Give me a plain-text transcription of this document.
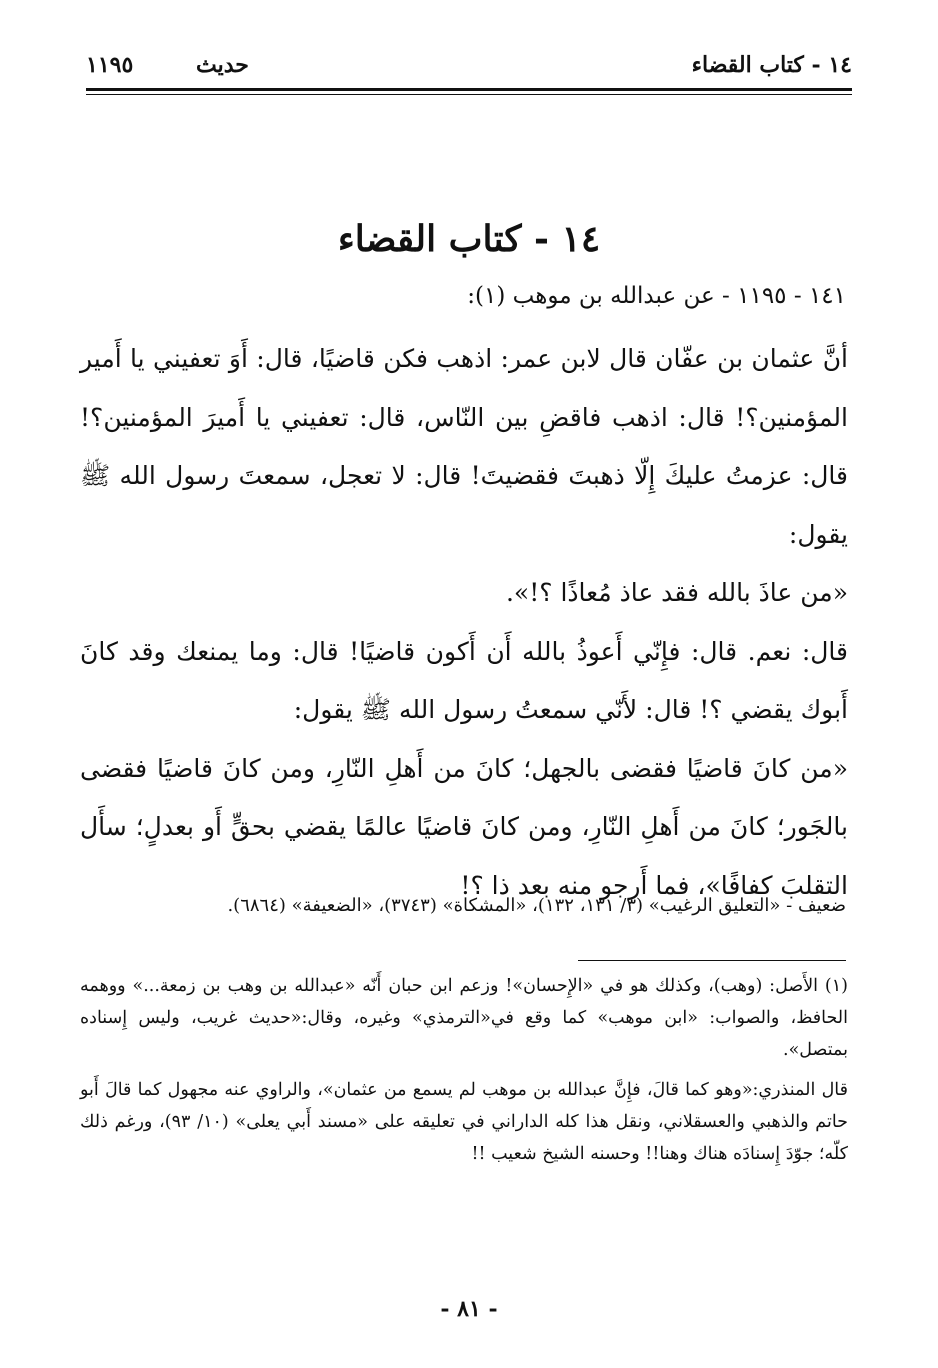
١٤ - كتاب القضاء
١١٩٥	حديث
١٤ - كتاب القضاء
١٤١ - ١١٩٥ - عن عبدالله بن موهب (١):

أنَّ عثمان بن عفّان قال لابن عمر: اذهب فكن قاضيًا، قال: أَوَ تعفيني يا أَمير المؤمنين؟! قال: اذهب فاقضِ بين النّاس، قال: تعفيني يا أَميرَ المؤمنين؟! قال: عزمتُ عليكَ إِلّا ذهبتَ فقضيتَ! قال: لا تعجل، سمعتَ رسول الله ﷺ يقول:

«من عاذَ بالله فقد عاذ مُعاذًا ؟!».

قال: نعم. قال: فإِنّي أَعوذُ بالله أَن أَكون قاضيًا! قال: وما يمنعك وقد كانَ أَبوك يقضي ؟! قال: لأَنّي سمعتُ رسول الله ﷺ يقول:

«من كانَ قاضيًا فقضى بالجهل؛ كانَ من أَهلِ النّارِ، ومن كانَ قاضيًا فقضى بالجَور؛ كانَ من أَهلِ النّارِ، ومن كانَ قاضيًا عالمًا يقضي بحقٍّ أَو بعدلٍ؛ سأَل التقلبَ كفافًا»، فما أَرجو منه بعد ذا ؟!

ضعيف - «التعليق الرغيب» (٣/ ١٣١، ١٣٢)، «المشكاة» (٣٧٤٣)، «الضعيفة» (٦٨٦٤).

(١) الأَصل: (وهب)، وكذلك هو في «الإِحسان»! وزعم ابن حبان أَنّه «عبدالله بن وهب بن زمعة...» ووهمه الحافظ، والصواب: «ابن موهب» كما وقع في«الترمذي» وغيره، وقال:«حديث غريب، وليس إِسناده بمتصل».

قال المنذري:«وهو كما قالَ، فإِنَّ عبدالله بن موهب لم يسمع من عثمان»، والراوي عنه مجهول كما قالَ أَبو حاتم والذهبي والعسقلاني، ونقل هذا كله الداراني في تعليقه على «مسند أَبي يعلى» (١٠/ ٩٣)، ورغم ذلك كلّه؛ جوّدَ إِسنادَه هناك وهنا!! وحسنه الشيخ شعيب !!

- ٨١ -
